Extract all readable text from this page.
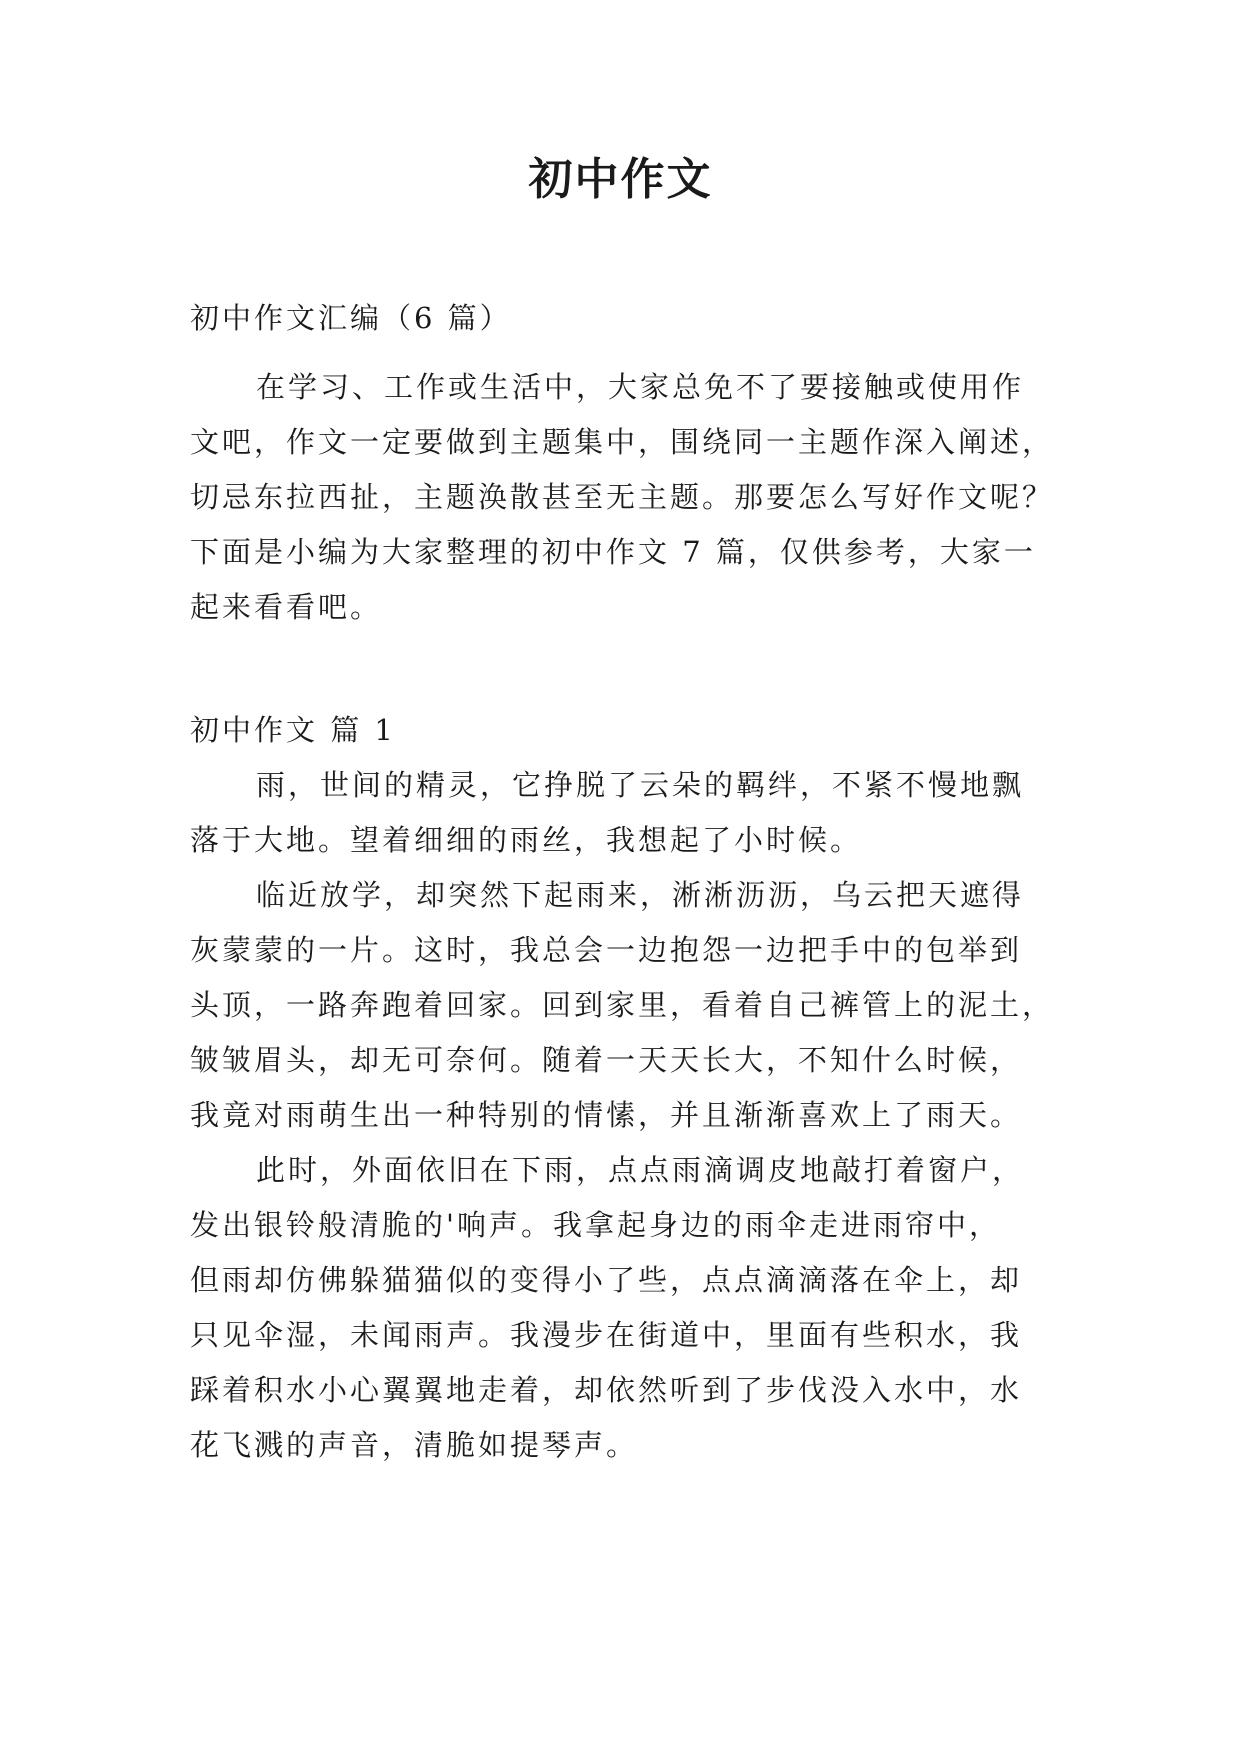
初中作文
初中作文汇编（6 篇）
在学习、工作或生活中，大家总免不了要接触或使用作
文吧，作文一定要做到主题集中，围绕同一主题作深入阐述，
切忌东拉西扯，主题涣散甚至无主题。那要怎么写好作文呢？
下面是小编为大家整理的初中作文 7 篇，仅供参考，大家一
起来看看吧。
初中作文 篇 1
雨，世间的精灵，它挣脱了云朵的羁绊，不紧不慢地飘
落于大地。望着细细的雨丝，我想起了小时候。
临近放学，却突然下起雨来，淅淅沥沥，乌云把天遮得
灰蒙蒙的一片。这时，我总会一边抱怨一边把手中的包举到
头顶，一路奔跑着回家。回到家里，看着自己裤管上的泥土，
皱皱眉头，却无可奈何。随着一天天长大，不知什么时候，
我竟对雨萌生出一种特别的情愫，并且渐渐喜欢上了雨天。
此时，外面依旧在下雨，点点雨滴调皮地敲打着窗户，
发出银铃般清脆的'响声。我拿起身边的雨伞走进雨帘中，
但雨却仿佛躲猫猫似的变得小了些，点点滴滴落在伞上，却
只见伞湿，未闻雨声。我漫步在街道中，里面有些积水，我
踩着积水小心翼翼地走着，却依然听到了步伐没入水中，水
花飞溅的声音，清脆如提琴声。
